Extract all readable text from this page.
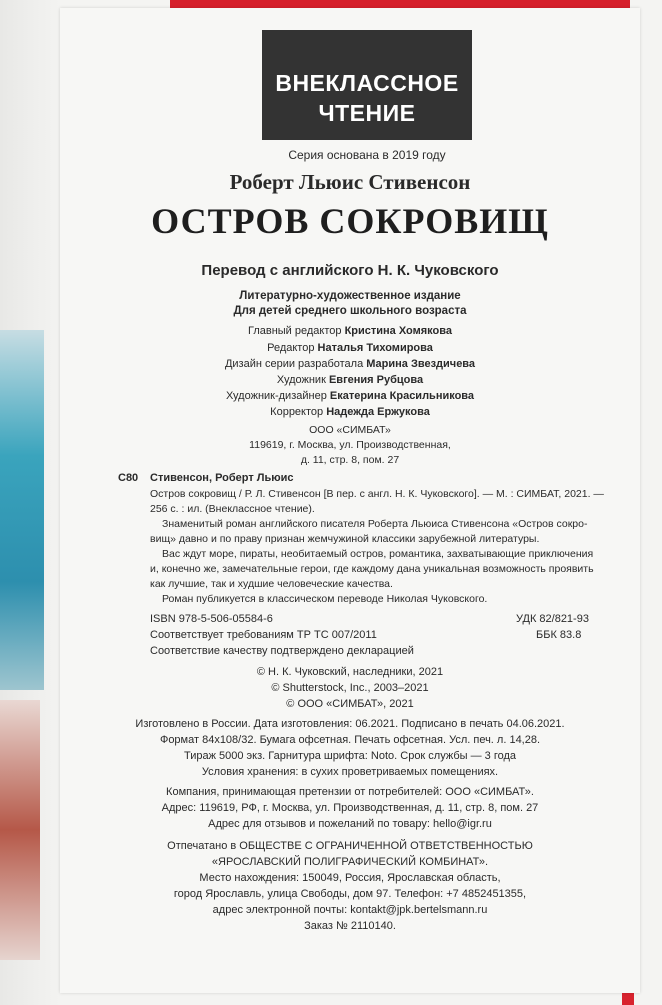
ВНЕКЛАССНОЕ
ЧТЕНИЕ
Серия основана в 2019 году
Роберт Льюис Стивенсон
ОСТРОВ СОКРОВИЩ
Перевод с английского Н. К. Чуковского
Литературно-художественное издание
Для детей среднего школьного возраста
Главный редактор Кристина Хомякова
Редактор Наталья Тихомирова
Дизайн серии разработала Марина Звездичева
Художник Евгения Рубцова
Художник-дизайнер Екатерина Красильникова
Корректор Надежда Ержукова
ООО «СИМБАТ»
119619, г. Москва, ул. Производственная,
д. 11, стр. 8, пом. 27
С80 Стивенсон, Роберт Льюис
Остров сокровищ / Р. Л. Стивенсон [В пер. с англ. Н. К. Чуковского]. — М. : СИМБАТ, 2021. —
256 с. : ил. (Внеклассное чтение).
Знаменитый роман английского писателя Роберта Льюиса Стивенсона «Остров сокро-
вищ» давно и по праву признан жемчужиной классики зарубежной литературы.
Вас ждут море, пираты, необитаемый остров, романтика, захватывающие приключения
и, конечно же, замечательные герои, где каждому дана уникальная возможность проявить
как лучшие, так и худшие человеческие качества.
Роман публикуется в классическом переводе Николая Чуковского.
ISBN 978-5-506-05584-6	УДК 82/821-93
Соответствует требованиям ТР ТС 007/2011	ББК 83.8
Соответствие качеству подтверждено декларацией
© Н. К. Чуковский, наследники, 2021
© Shutterstock, Inc., 2003–2021
© ООО «СИМБАТ», 2021
Изготовлено в России. Дата изготовления: 06.2021. Подписано в печать 04.06.2021.
Формат 84х108/32. Бумага офсетная. Печать офсетная. Усл. печ. л. 14,28.
Тираж 5000 экз. Гарнитура шрифта: Noto. Срок службы — 3 года
Условия хранения: в сухих проветриваемых помещениях.
Компания, принимающая претензии от потребителей: ООО «СИМБАТ».
Адрес: 119619, РФ, г. Москва, ул. Производственная, д. 11, стр. 8, пом. 27
Адрес для отзывов и пожеланий по товару: hello@igr.ru
Отпечатано в ОБЩЕСТВЕ С ОГРАНИЧЕННОЙ ОТВЕТСТВЕННОСТЬЮ
«ЯРОСЛАВСКИЙ ПОЛИГРАФИЧЕСКИЙ КОМБИНАТ».
Место нахождения: 150049, Россия, Ярославская область,
город Ярославль, улица Свободы, дом 97. Телефон: +7 4852451355,
адрес электронной почты: kontakt@jpk.bertelsmann.ru
Заказ № 2110140.
